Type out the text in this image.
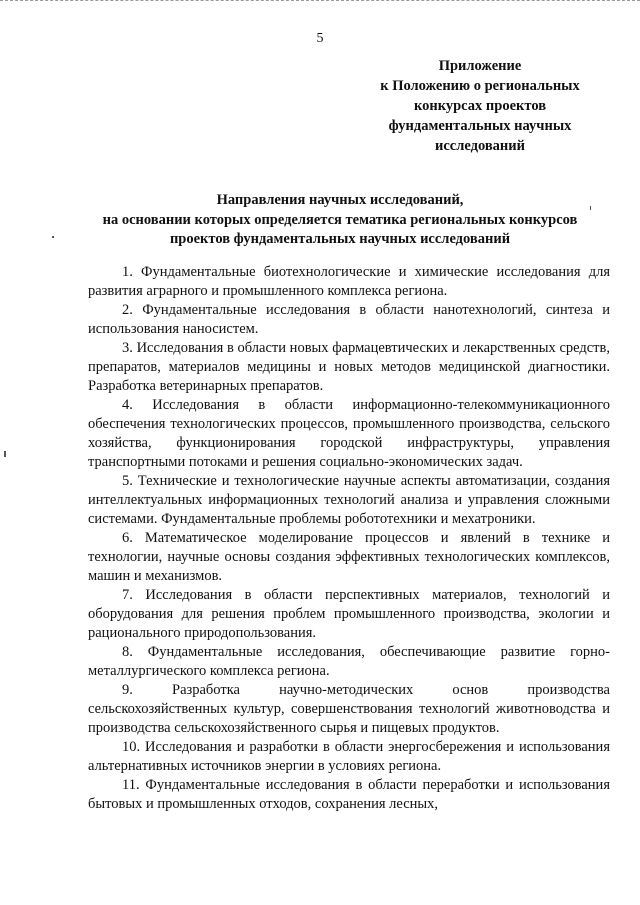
5
Приложение
к Положению о региональных
конкурсах проектов
фундаментальных научных
исследований
Направления научных исследований,
на основании которых определяется тематика региональных конкурсов
проектов фундаментальных научных исследований

1. Фундаментальные биотехнологические и химические исследования для развития аграрного и промышленного комплекса региона.

2. Фундаментальные исследования в области нанотехнологий, синтеза и использования наносистем.

3. Исследования в области новых фармацевтических и лекарственных средств, препаратов, материалов медицины и новых методов медицинской диагностики. Разработка ветеринарных препаратов.

4. Исследования в области информационно-телекоммуникационного обеспечения технологических процессов, промышленного производства, сельского хозяйства, функционирования городской инфраструктуры, управления транспортными потоками и решения социально-экономических задач.

5. Технические и технологические научные аспекты автоматизации, создания интеллектуальных информационных технологий анализа и управления сложными системами. Фундаментальные проблемы робототехники и мехатроники.

6. Математическое моделирование процессов и явлений в технике и технологии, научные основы создания эффективных технологических комплексов, машин и механизмов.

7. Исследования в области перспективных материалов, технологий и оборудования для решения проблем промышленного производства, экологии и рационального природопользования.

8. Фундаментальные исследования, обеспечивающие развитие горно-металлургического комплекса региона.

9. Разработка научно-методических основ производства сельскохозяйственных культур, совершенствования технологий животноводства и производства сельскохозяйственного сырья и пищевых продуктов.

10. Исследования и разработки в области энергосбережения и использования альтернативных источников энергии в условиях региона.

11. Фундаментальные исследования в области переработки и использования бытовых и промышленных отходов, сохранения лесных,
